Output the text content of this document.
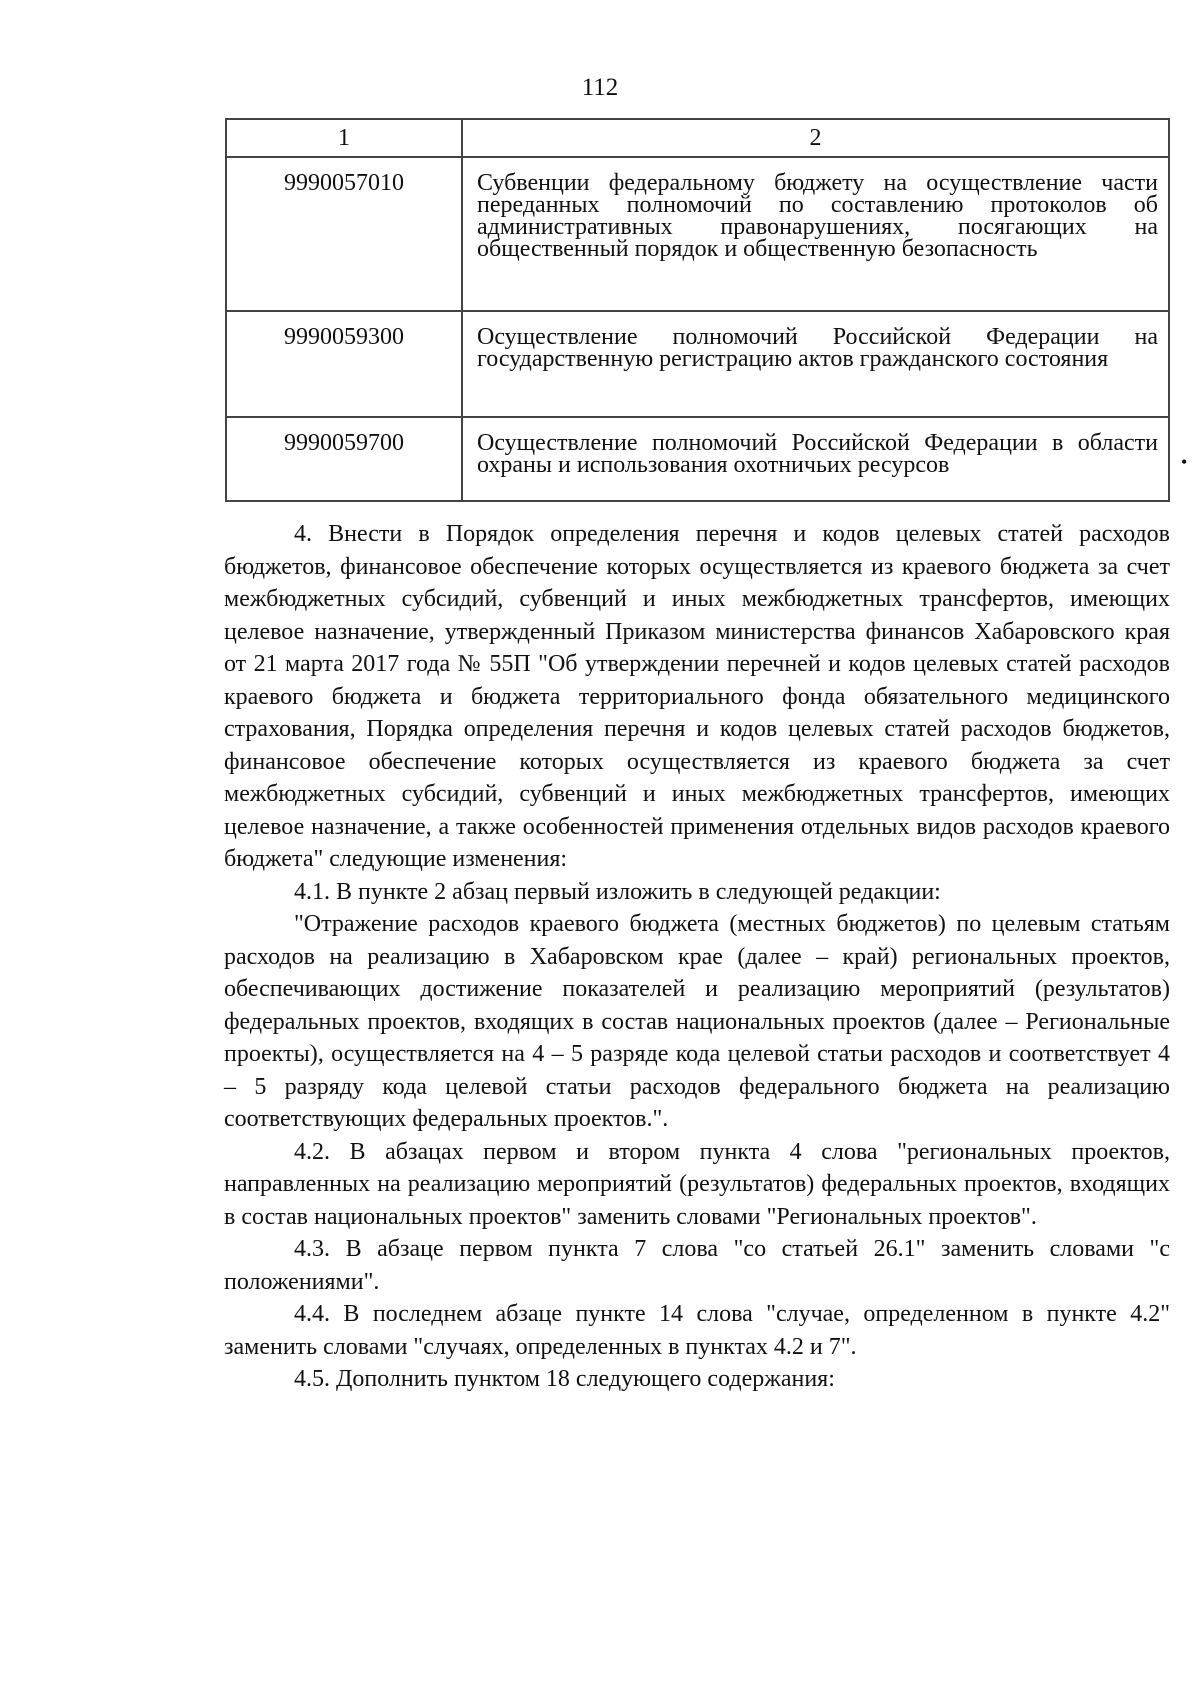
112
1	2
9990057010	Субвенции федеральному бюджету на осуществление части переданных полномочий по составлению протоколов об административных правонарушениях, посягающих на общественный порядок и общественную безопасность
9990059300	Осуществление полномочий Российской Федерации на государственную регистрацию актов гражданского состояния
9990059700	Осуществление полномочий Российской Федерации в области охраны и использования охотничьих ресурсов	•

4. Внести в Порядок определения перечня и кодов целевых статей расходов бюджетов, финансовое обеспечение которых осуществляется из краевого бюджета за счет межбюджетных субсидий, субвенций и иных межбюджетных трансфертов, имеющих целевое назначение, утвержденный Приказом министерства финансов Хабаровского края от 21 марта 2017 года № 55П "Об утверждении перечней и кодов целевых статей расходов краевого бюджета и бюджета территориального фонда обязательного медицинского страхования, Порядка определения перечня и кодов целевых статей расходов бюджетов, финансовое обеспечение которых осуществляется из краевого бюджета за счет межбюджетных субсидий, субвенций и иных межбюджетных трансфертов, имеющих целевое назначение, а также особенностей применения отдельных видов расходов краевого бюджета" следующие изменения:

4.1. В пункте 2 абзац первый изложить в следующей редакции:

"Отражение расходов краевого бюджета (местных бюджетов) по целевым статьям расходов на реализацию в Хабаровском крае (далее – край) региональных проектов, обеспечивающих достижение показателей и реализацию мероприятий (результатов) федеральных проектов, входящих в состав национальных проектов (далее – Региональные проекты), осуществляется на 4 – 5 разряде кода целевой статьи расходов и соответствует 4 – 5 разряду кода целевой статьи расходов федерального бюджета на реализацию соответствующих федеральных проектов.".

4.2. В абзацах первом и втором пункта 4 слова "региональных проектов, направленных на реализацию мероприятий (результатов) федеральных проектов, входящих в состав национальных проектов" заменить словами "Региональных проектов".

4.3. В абзаце первом пункта 7 слова "со статьей 26.1" заменить словами "с положениями".

4.4. В последнем абзаце пункте 14 слова "случае, определенном в пункте 4.2" заменить словами "случаях, определенных в пунктах 4.2 и 7".

4.5. Дополнить пунктом 18 следующего содержания:
